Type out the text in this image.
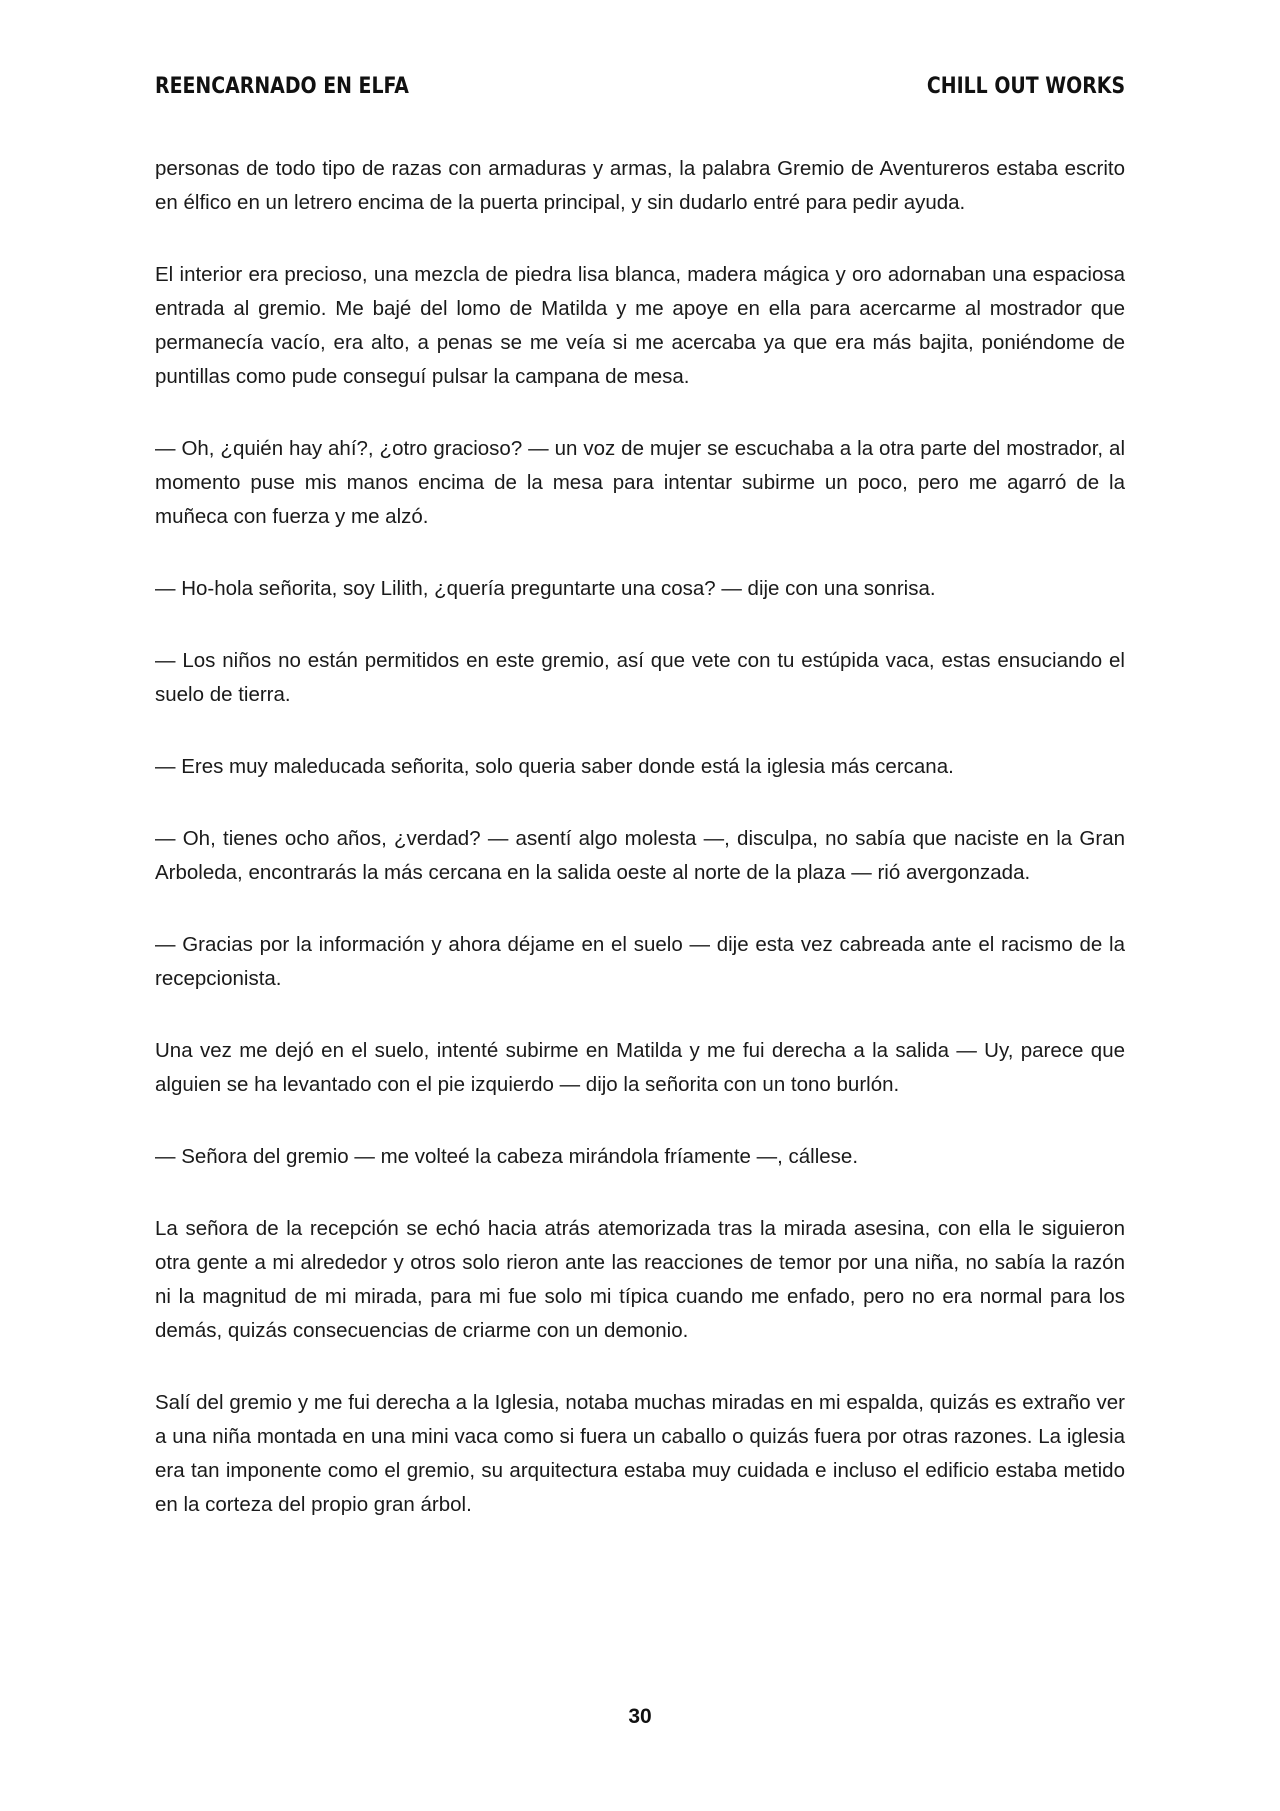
REENCARNADO EN ELFA	CHILL OUT WORKS

personas de todo tipo de razas con armaduras y armas, la palabra Gremio de Aventureros estaba escrito en élfico en un letrero encima de la puerta principal, y sin dudarlo entré para pedir ayuda.

El interior era precioso, una mezcla de piedra lisa blanca, madera mágica y oro adornaban una espaciosa entrada al gremio. Me bajé del lomo de Matilda y me apoye en ella para acercarme al mostrador que permanecía vacío, era alto, a penas se me veía si me acercaba ya que era más bajita, poniéndome de puntillas como pude conseguí pulsar la campana de mesa.

— Oh, ¿quién hay ahí?, ¿otro gracioso? — un voz de mujer se escuchaba a la otra parte del mostrador, al momento puse mis manos encima de la mesa para intentar subirme un poco, pero me agarró de la muñeca con fuerza y me alzó.

— Ho-hola señorita, soy Lilith, ¿quería preguntarte una cosa? — dije con una sonrisa.

— Los niños no están permitidos en este gremio, así que vete con tu estúpida vaca, estas ensuciando el suelo de tierra.

— Eres muy maleducada señorita, solo queria saber donde está la iglesia más cercana.

— Oh, tienes ocho años, ¿verdad? — asentí algo molesta —, disculpa, no sabía que naciste en la Gran Arboleda, encontrarás la más cercana en la salida oeste al norte de la plaza — rió avergonzada.

— Gracias por la información y ahora déjame en el suelo — dije esta vez cabreada ante el racismo de la recepcionista.

Una vez me dejó en el suelo, intenté subirme en Matilda y me fui derecha a la salida — Uy, parece que alguien se ha levantado con el pie izquierdo — dijo la señorita con un tono burlón.

— Señora del gremio — me volteé la cabeza mirándola fríamente —, cállese.

La señora de la recepción se echó hacia atrás atemorizada tras la mirada asesina, con ella le siguieron otra gente a mi alrededor y otros solo rieron ante las reacciones de temor por una niña, no sabía la razón ni la magnitud de mi mirada, para mi fue solo mi típica cuando me enfado, pero no era normal para los demás, quizás consecuencias de criarme con un demonio.

Salí del gremio y me fui derecha a la Iglesia, notaba muchas miradas en mi espalda, quizás es extraño ver a una niña montada en una mini vaca como si fuera un caballo o quizás fuera por otras razones. La iglesia era tan imponente como el gremio, su arquitectura estaba muy cuidada e incluso el edificio estaba metido en la corteza del propio gran árbol.

30
